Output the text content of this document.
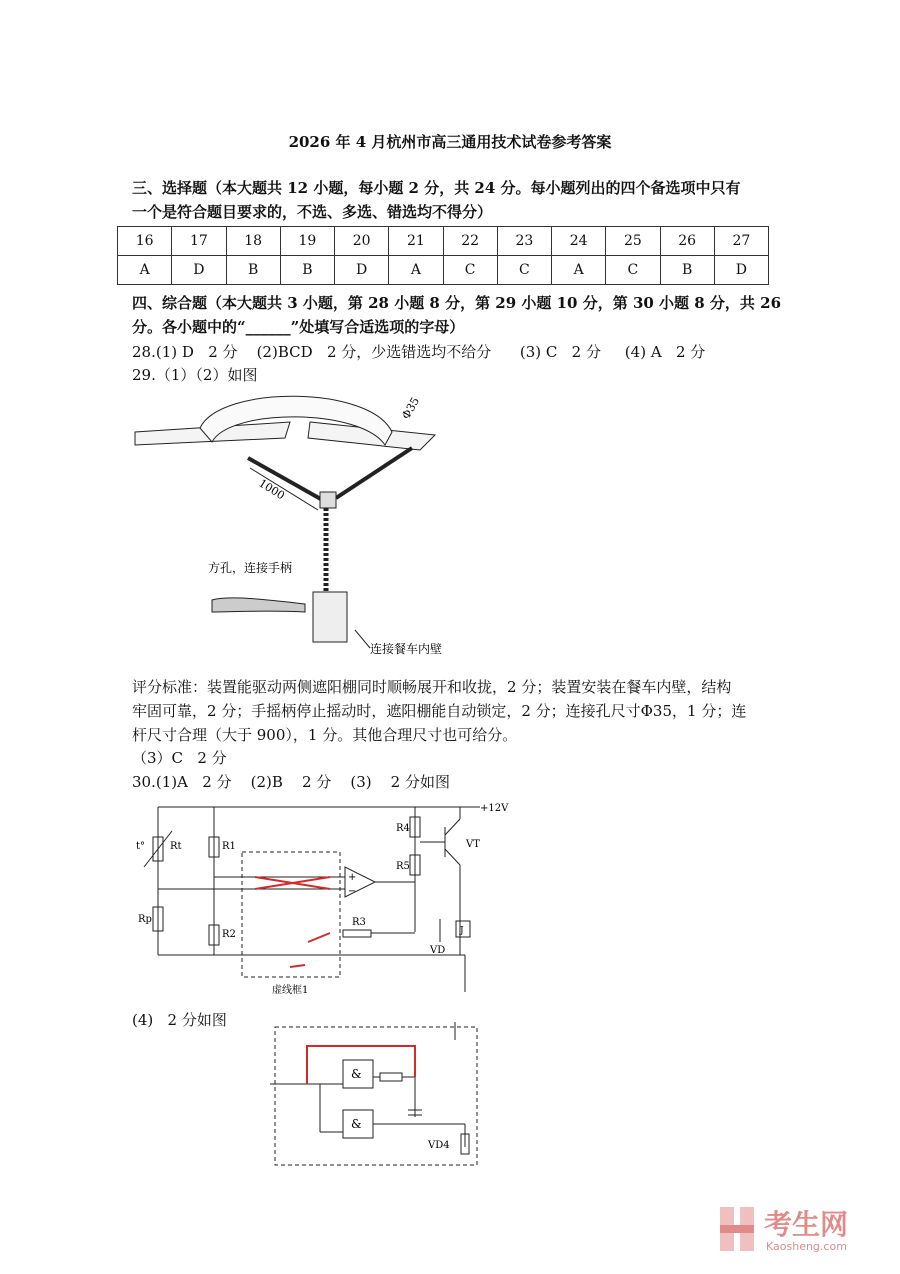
2026 年 4 月杭州市高三通用技术试卷参考答案
三、选择题（本大题共 12 小题，每小题 2 分，共 24 分。每小题列出的四个备选项中只有
一个是符合题目要求的，不选、多选、错选均不得分）
16	17	18	19	20	21	22	23	24	25	26	27
A	D	B	B	D	A	C	C	A	C	B	D
四、综合题（本大题共 3 小题，第 28 小题 8 分，第 29 小题 10 分，第 30 小题 8 分，共 26
分。各小题中的“______”处填写合适选项的字母）
28.(1) D   2 分    (2)BCD   2 分，少选错选均不给分      (3) C   2 分     (4) A   2 分
29.（1）（2）如图
1000
Φ35
方孔，连接手柄
连接餐车内壁
评分标准：装置能驱动两侧遮阳棚同时顺畅展开和收拢，2 分；装置安装在餐车内壁，结构
牢固可靠，2 分；手摇柄停止摇动时，遮阳棚能自动锁定，2 分；连接孔尺寸Φ35，1 分；连
杆尺寸合理（大于 900），1 分。其他合理尺寸也可给分。
（3）C   2 分
30.(1)A   2 分    (2)B    2 分    (3)    2 分如图
+12V
Rt
t°	R1
R2
Rp	R3
R4
R5
VT
VD
J
+
−
虚线框1
(4)   2 分如图
&
&
VD4
考生网
Kaosheng.com
